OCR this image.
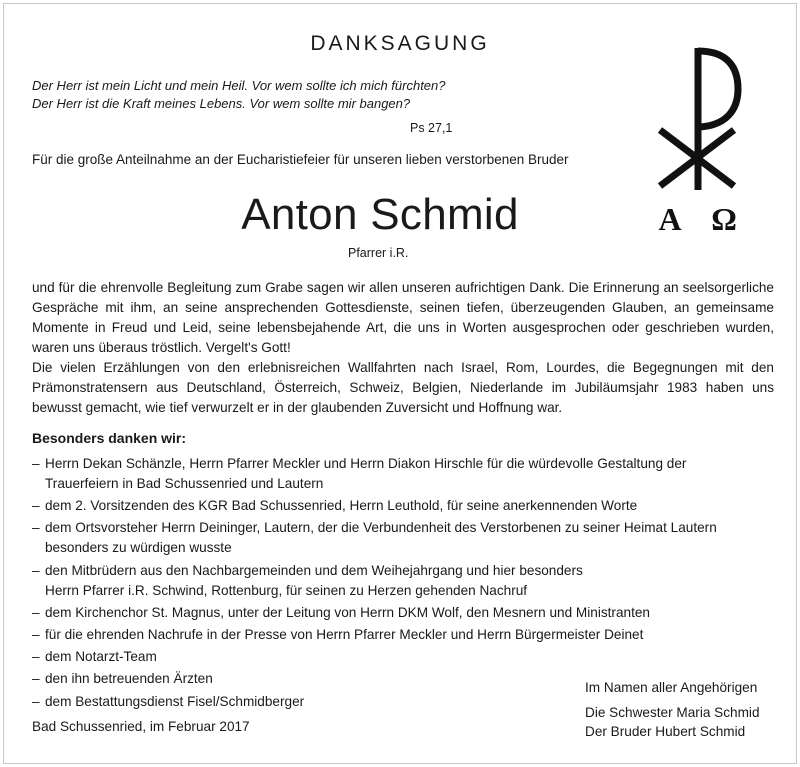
DANKSAGUNG
Der Herr ist mein Licht und mein Heil. Vor wem sollte ich mich fürchten?
Der Herr ist die Kraft meines Lebens. Vor wem sollte mir bangen?
Ps 27,1
A Ω
Für die große Anteilnahme an der Eucharistiefeier für unseren lieben verstorbenen Bruder
Anton Schmid
Pfarrer i.R.

und für die ehrenvolle Begleitung zum Grabe sagen wir allen unseren aufrichtigen Dank. Die Erinnerung an seelsorgerliche Gespräche mit ihm, an seine ansprechenden Gottesdienste, seinen tiefen, überzeugenden Glauben, an gemeinsame Momente in Freud und Leid, seine lebensbejahende Art, die uns in Worten ausgesprochen oder geschrieben wurden, waren uns überaus tröstlich. Vergelt's Gott!

Die vielen Erzählungen von den erlebnisreichen Wallfahrten nach Israel, Rom, Lourdes, die Begegnungen mit den Prämonstratensern aus Deutschland, Österreich, Schweiz, Belgien, Niederlande im Jubiläumsjahr 1983 haben uns bewusst gemacht, wie tief verwurzelt er in der glaubenden Zuversicht und Hoffnung war.

Besonders danken wir:
– Herrn Dekan Schänzle, Herrn Pfarrer Meckler und Herrn Diakon Hirschle für die würdevolle Gestaltung der
Trauerfeiern in Bad Schussenried und Lautern
– dem 2. Vorsitzenden des KGR Bad Schussenried, Herrn Leuthold, für seine anerkennenden Worte
– dem Ortsvorsteher Herrn Deininger, Lautern, der die Verbundenheit des Verstorbenen zu seiner Heimat Lautern
besonders zu würdigen wusste
– den Mitbrüdern aus den Nachbargemeinden und dem Weihejahrgang und hier besonders
Herrn Pfarrer i.R. Schwind, Rottenburg, für seinen zu Herzen gehenden Nachruf
– dem Kirchenchor St. Magnus, unter der Leitung von Herrn DKM Wolf, den Mesnern und Ministranten
– für die ehrenden Nachrufe in der Presse von Herrn Pfarrer Meckler und Herrn Bürgermeister Deinet
– dem Notarzt-Team
– den ihn betreuenden Ärzten
– dem Bestattungsdienst Fisel/Schmidberger
Im Namen aller Angehörigen
Die Schwester Maria Schmid
Der Bruder Hubert Schmid
Bad Schussenried, im Februar 2017
